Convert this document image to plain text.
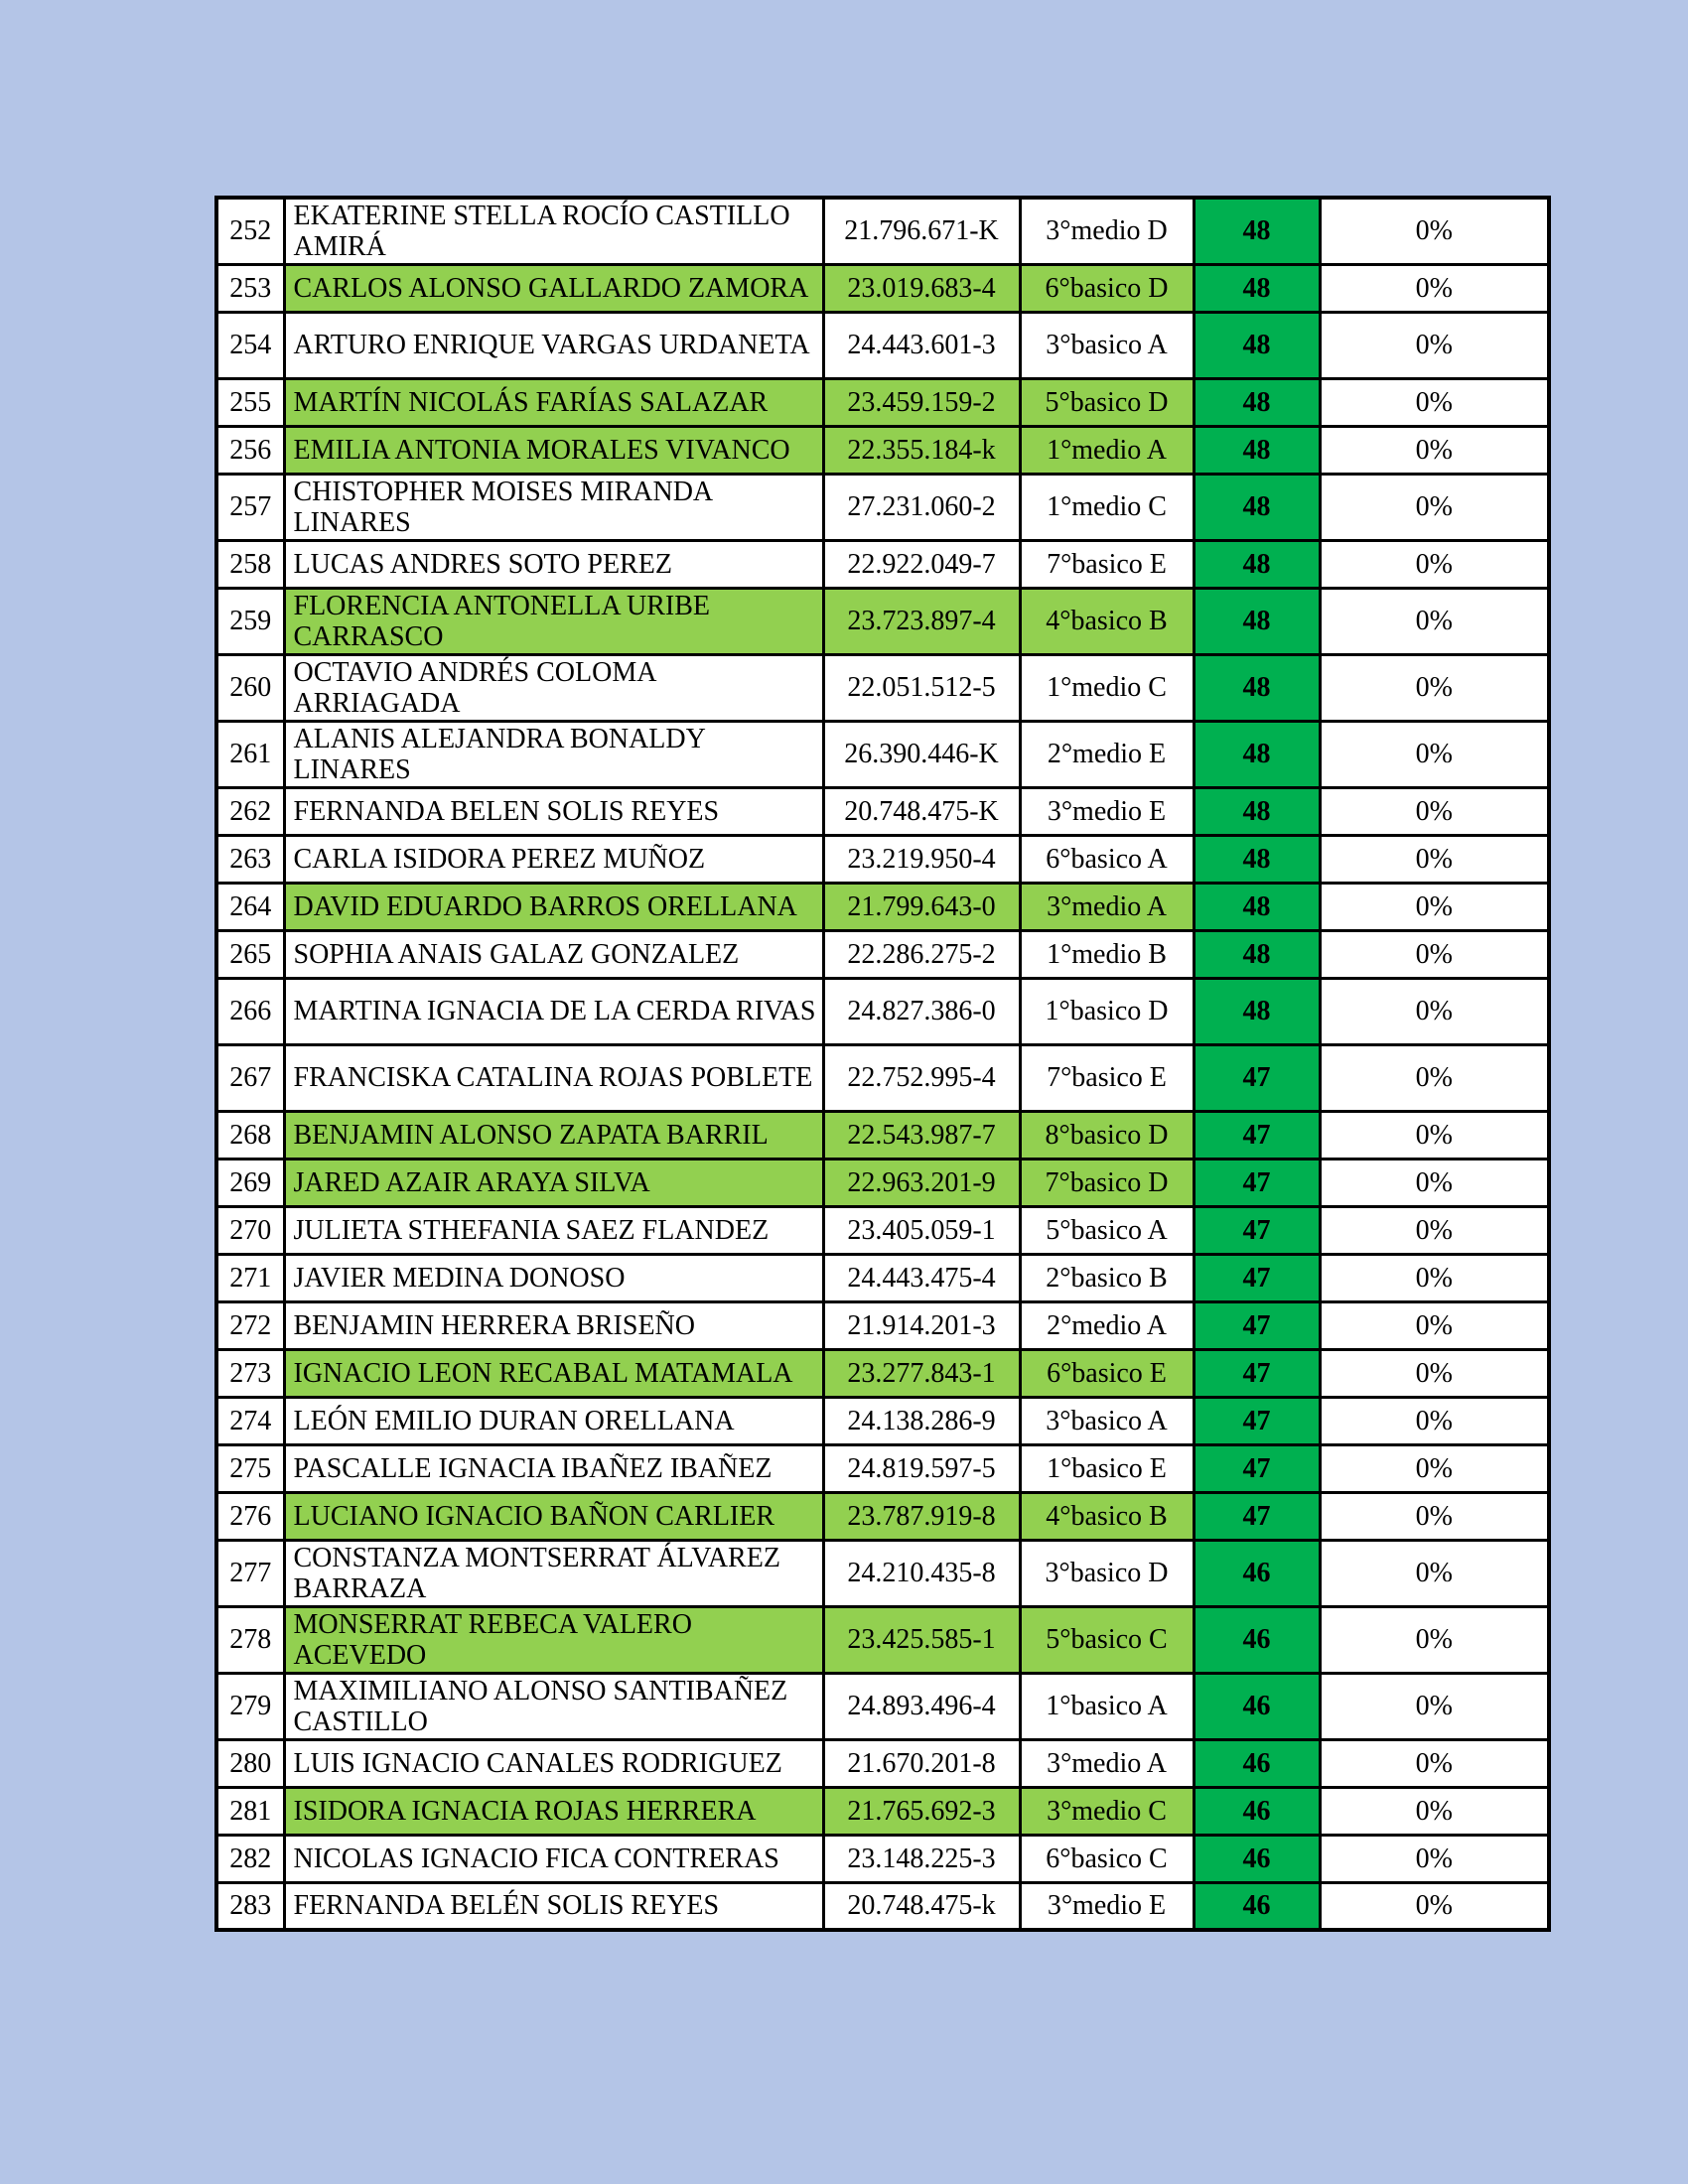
252	EKATERINE STELLA ROCÍO CASTILLO AMIRÁ	21.796.671-K	3°medio D	48	0%
253	CARLOS ALONSO GALLARDO ZAMORA	23.019.683-4	6°basico D	48	0%
254	ARTURO ENRIQUE VARGAS URDANETA	24.443.601-3	3°basico A	48	0%
255	MARTÍN NICOLÁS FARÍAS SALAZAR	23.459.159-2	5°basico D	48	0%
256	EMILIA ANTONIA MORALES VIVANCO	22.355.184-k	1°medio A	48	0%
257	CHISTOPHER MOISES MIRANDA LINARES	27.231.060-2	1°medio C	48	0%
258	LUCAS ANDRES SOTO PEREZ	22.922.049-7	7°basico E	48	0%
259	FLORENCIA ANTONELLA URIBE CARRASCO	23.723.897-4	4°basico B	48	0%
260	OCTAVIO ANDRÉS COLOMA ARRIAGADA	22.051.512-5	1°medio C	48	0%
261	ALANIS ALEJANDRA BONALDY LINARES	26.390.446-K	2°medio E	48	0%
262	FERNANDA BELEN SOLIS REYES	20.748.475-K	3°medio E	48	0%
263	CARLA ISIDORA PEREZ MUÑOZ	23.219.950-4	6°basico A	48	0%
264	DAVID EDUARDO BARROS ORELLANA	21.799.643-0	3°medio A	48	0%
265	SOPHIA ANAIS GALAZ GONZALEZ	22.286.275-2	1°medio B	48	0%
266	MARTINA IGNACIA DE LA CERDA RIVAS	24.827.386-0	1°basico D	48	0%
267	FRANCISKA CATALINA ROJAS POBLETE	22.752.995-4	7°basico E	47	0%
268	BENJAMIN ALONSO ZAPATA BARRIL	22.543.987-7	8°basico D	47	0%
269	JARED AZAIR ARAYA SILVA	22.963.201-9	7°basico D	47	0%
270	JULIETA STHEFANIA SAEZ FLANDEZ	23.405.059-1	5°basico A	47	0%
271	JAVIER MEDINA DONOSO	24.443.475-4	2°basico B	47	0%
272	BENJAMIN HERRERA BRISEÑO	21.914.201-3	2°medio A	47	0%
273	IGNACIO LEON RECABAL MATAMALA	23.277.843-1	6°basico E	47	0%
274	LEÓN EMILIO DURAN ORELLANA	24.138.286-9	3°basico A	47	0%
275	PASCALLE IGNACIA IBAÑEZ IBAÑEZ	24.819.597-5	1°basico E	47	0%
276	LUCIANO IGNACIO BAÑON CARLIER	23.787.919-8	4°basico B	47	0%
277	CONSTANZA MONTSERRAT ÁLVAREZ BARRAZA	24.210.435-8	3°basico D	46	0%
278	MONSERRAT REBECA VALERO ACEVEDO	23.425.585-1	5°basico C	46	0%
279	MAXIMILIANO ALONSO SANTIBAÑEZ CASTILLO	24.893.496-4	1°basico A	46	0%
280	LUIS IGNACIO CANALES RODRIGUEZ	21.670.201-8	3°medio A	46	0%
281	ISIDORA IGNACIA ROJAS HERRERA	21.765.692-3	3°medio C	46	0%
282	NICOLAS IGNACIO FICA CONTRERAS	23.148.225-3	6°basico C	46	0%
283	FERNANDA BELÉN SOLIS REYES	20.748.475-k	3°medio E	46	0%
